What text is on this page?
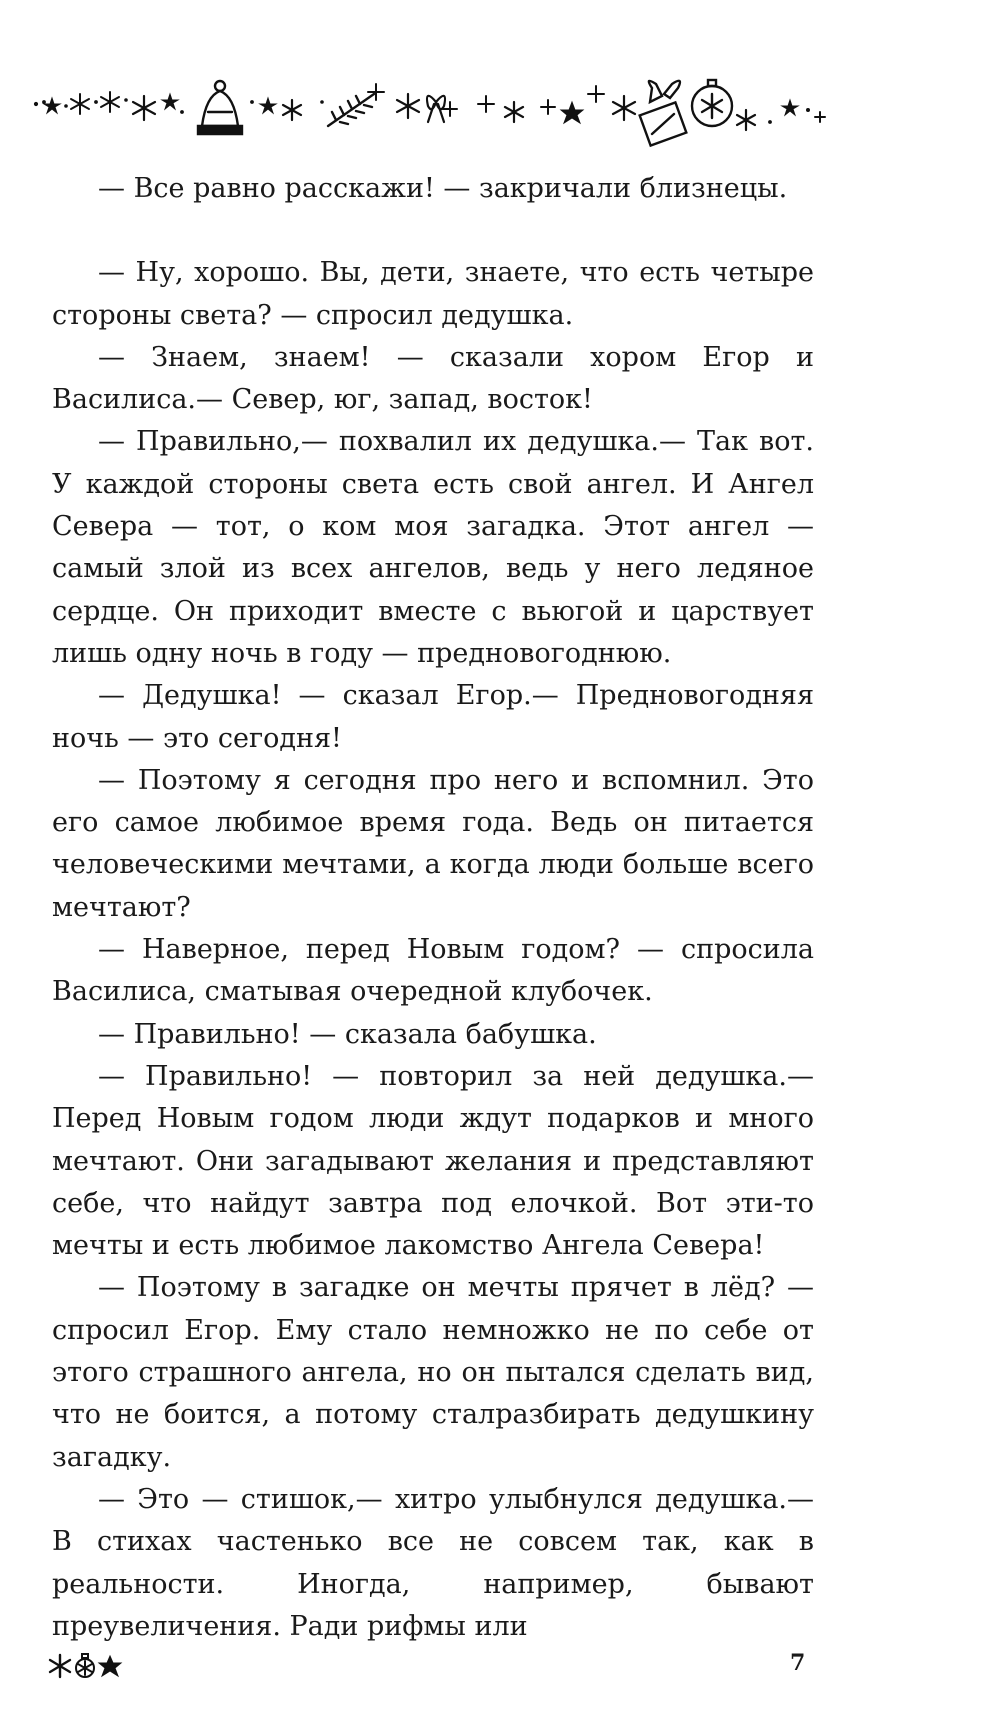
— Все равно расскажи! — закричали близнецы.

— Ну, хорошо. Вы, дети, знаете, что есть четыре стороны света? — спросил дедушка.

— Знаем, знаем! — сказали хором Егор и Василиса.— Север, юг, запад, восток!

— Правильно,— похвалил их дедушка.— Так вот. У каждой стороны света есть свой ангел. И Ангел Севера — тот, о ком моя загадка. Этот ангел — самый злой из всех ангелов, ведь у него ледяное сердце. Он приходит вместе с вьюгой и царствует лишь одну ночь в году — предновогоднюю.

— Дедушка! — сказал Егор.— Предновогодняя ночь — это сегодня!

— Поэтому я сегодня про него и вспомнил. Это его самое любимое время года. Ведь он питается человеческими мечтами, а когда люди больше всего мечтают?

— Наверное, перед Новым годом? — спросила Василиса, сматывая очередной клубочек.

— Правильно! — сказала бабушка.

— Правильно! — повторил за ней дедушка.— Перед Новым годом люди ждут подарков и много мечтают. Они загадывают желания и представляют себе, что найдут завтра под елочкой. Вот эти-то мечты и есть любимое лакомство Ангела Севера!

— Поэтому в загадке он мечты прячет в лёд? — спросил Егор. Ему стало немножко не по себе от этого страшного ангела, но он пытался сделать вид, что не боится, а потому сталразбирать дедушкину загадку.

— Это — стишок,— хитро улыбнулся дедушка.— В стихах частенько все не совсем так, как в реальности. Иногда, например, бывают преувеличения. Ради рифмы или

7
